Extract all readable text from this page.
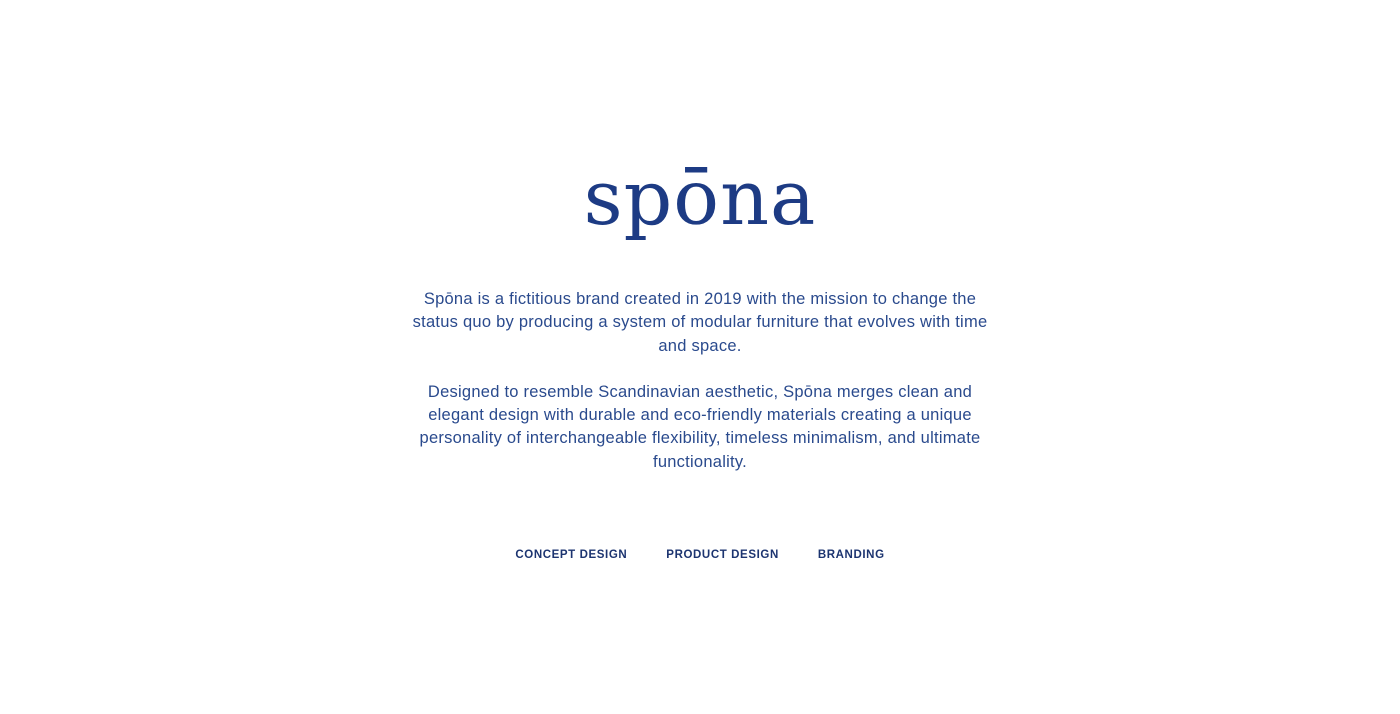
spōna

Spōna is a fictitious brand created in 2019 with the mission to change the status quo by producing a system of modular furniture that evolves with time and space.

Designed to resemble Scandinavian aesthetic, Spōna merges clean and elegant design with durable and eco-friendly materials creating a unique personality of interchangeable flexibility, timeless minimalism, and ultimate functionality.

CONCEPT DESIGN	PRODUCT DESIGN	BRANDING
